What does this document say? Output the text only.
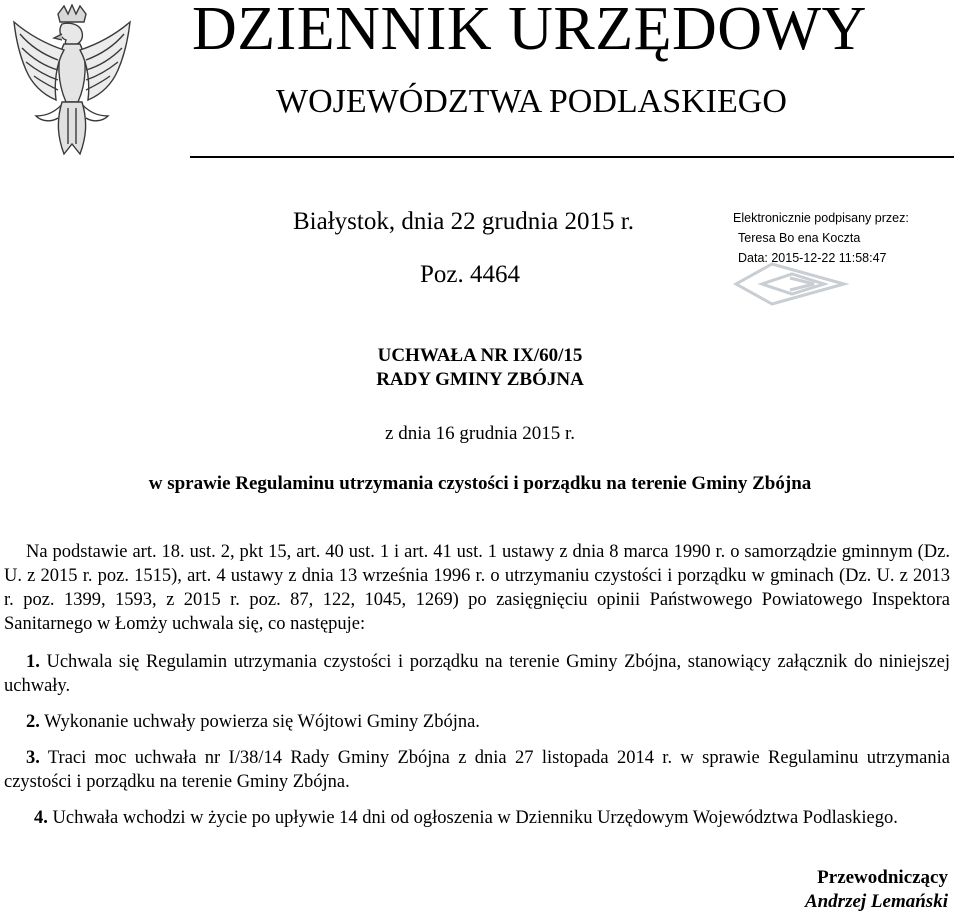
DZIENNIK URZĘDOWY
WOJEWÓDZTWA PODLASKIEGO
Białystok, dnia 22 grudnia 2015 r.
Poz. 4464
Elektronicznie podpisany przez:
Teresa Bo ena Koczta
Data: 2015-12-22 11:58:47
UCHWAŁA NR IX/60/15
RADY GMINY ZBÓJNA
z dnia 16 grudnia 2015 r.
w sprawie Regulaminu utrzymania czystości i porządku na terenie Gminy Zbójna
Na podstawie art. 18. ust. 2, pkt 15, art. 40 ust. 1 i art. 41 ust. 1 ustawy z dnia 8 marca 1990 r. o samorządzie gminnym (Dz. U. z 2015 r. poz. 1515), art. 4 ustawy z dnia 13 września 1996 r. o utrzymaniu czystości i porządku w gminach (Dz. U. z 2013 r. poz. 1399, 1593, z 2015 r. poz. 87, 122, 1045, 1269) po zasięgnięciu opinii Państwowego Powiatowego Inspektora Sanitarnego w Łomży uchwala się, co następuje:
1. Uchwala się Regulamin utrzymania czystości i porządku na terenie Gminy Zbójna, stanowiący załącznik do niniejszej uchwały.
2. Wykonanie uchwały powierza się Wójtowi Gminy Zbójna.
3. Traci moc uchwała nr I/38/14 Rady Gminy Zbójna z dnia 27 listopada 2014 r. w sprawie Regulaminu utrzymania czystości i porządku na terenie Gminy Zbójna.
4. Uchwała wchodzi w życie po upływie 14 dni od ogłoszenia w Dzienniku Urzędowym Województwa Podlaskiego.
Przewodniczący
Andrzej Lemański
